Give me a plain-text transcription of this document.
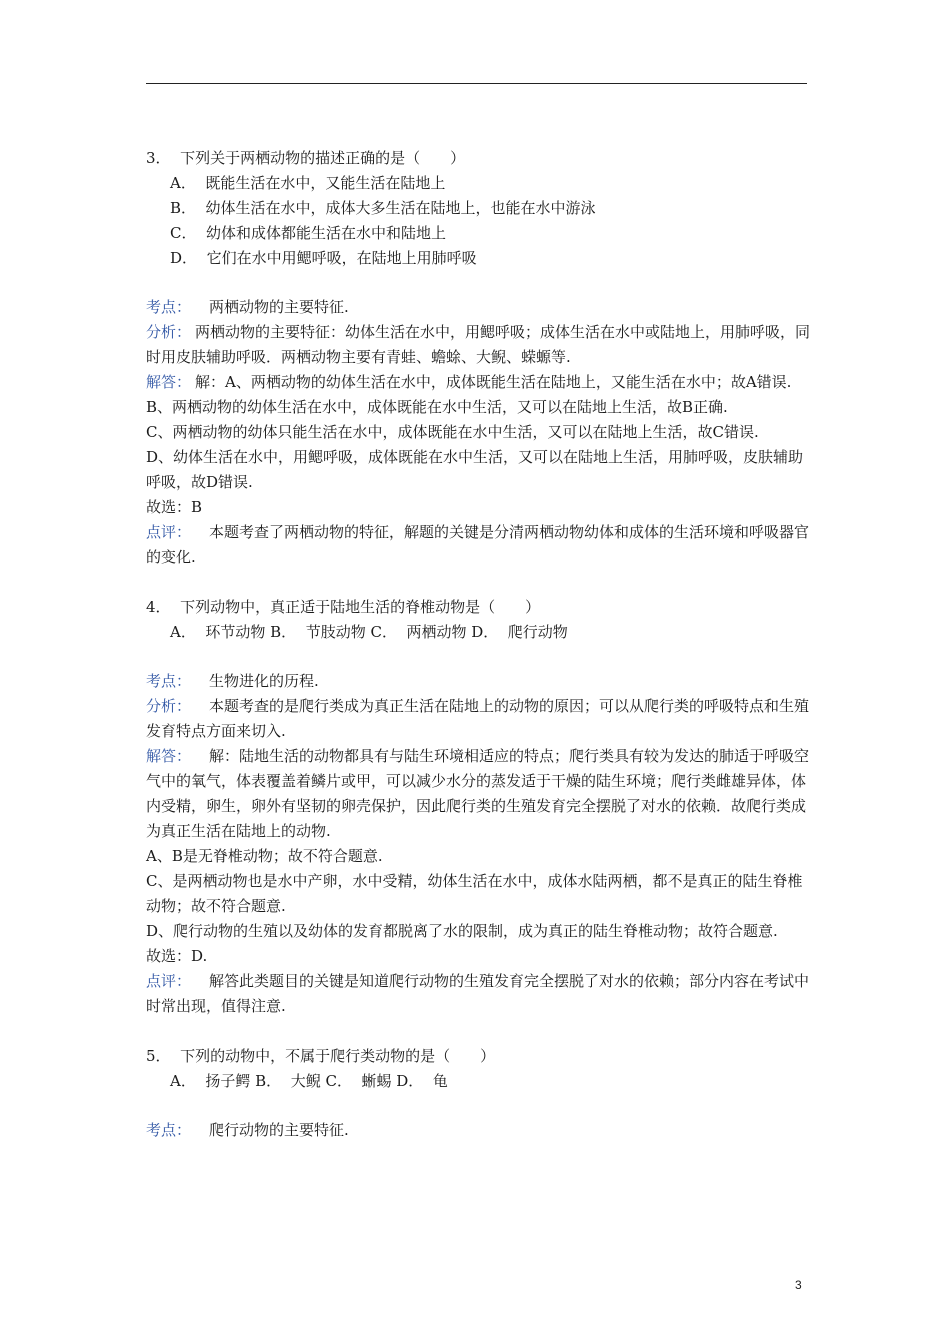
3．  下列关于两栖动物的描述正确的是（　　）

A．  既能生活在水中，又能生活在陆地上

B．  幼体生活在水中，成体大多生活在陆地上，也能在水中游泳

C．  幼体和成体都能生活在水中和陆地上

D．  它们在水中用鳃呼吸，在陆地上用肺呼吸

考点： 两栖动物的主要特征.

分析： 两栖动物的主要特征：幼体生活在水中，用鳃呼吸；成体生活在水中或陆地上，用肺呼吸，同时用皮肤辅助呼吸．两栖动物主要有青蛙、蟾蜍、大鲵、蝾螈等.

解答： 解：A、两栖动物的幼体生活在水中，成体既能生活在陆地上，又能生活在水中；故A错误.

B、两栖动物的幼体生活在水中，成体既能在水中生活，又可以在陆地上生活，故B正确.

C、两栖动物的幼体只能生活在水中，成体既能在水中生活，又可以在陆地上生活，故C错误.

D、幼体生活在水中，用鳃呼吸，成体既能在水中生活，又可以在陆地上生活，用肺呼吸，皮肤辅助呼吸，故D错误.

故选：B

点评： 本题考查了两栖动物的特征，解题的关键是分清两栖动物幼体和成体的生活环境和呼吸器官的变化.

4．  下列动物中，真正适于陆地生活的脊椎动物是（　　）

A．  环节动物 B．  节肢动物 C．  两栖动物 D．  爬行动物

考点： 生物进化的历程.

分析： 本题考查的是爬行类成为真正生活在陆地上的动物的原因；可以从爬行类的呼吸特点和生殖发育特点方面来切入.

解答： 解：陆地生活的动物都具有与陆生环境相适应的特点；爬行类具有较为发达的肺适于呼吸空气中的氧气，体表覆盖着鳞片或甲，可以减少水分的蒸发适于干燥的陆生环境；爬行类雌雄异体，体内受精，卵生，卵外有坚韧的卵壳保护，因此爬行类的生殖发育完全摆脱了对水的依赖．故爬行类成为真正生活在陆地上的动物.

A、B是无脊椎动物；故不符合题意.

C、是两栖动物也是水中产卵，水中受精，幼体生活在水中，成体水陆两栖，都不是真正的陆生脊椎动物；故不符合题意.

D、爬行动物的生殖以及幼体的发育都脱离了水的限制，成为真正的陆生脊椎动物；故符合题意.

故选：D.

点评： 解答此类题目的关键是知道爬行动物的生殖发育完全摆脱了对水的依赖；部分内容在考试中时常出现，值得注意.

5．  下列的动物中，不属于爬行类动物的是（　　）

A．  扬子鳄 B．  大鲵 C．  蜥蜴 D．  龟

考点： 爬行动物的主要特征.

3
